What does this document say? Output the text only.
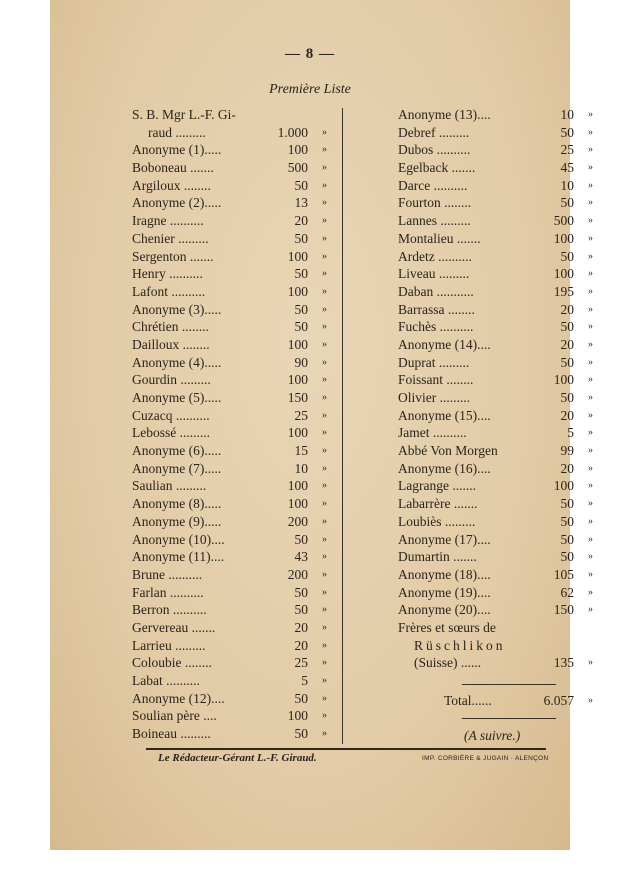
— 8 —
Première Liste
S. B. Mgr L.-F. Gi-
raud .........	1.000 »
Anonyme (1).....	100 »
Boboneau .......	500 »
Argiloux ........	50 »
Anonyme (2).....	13 »
Iragne ..........	20 »
Chenier .........	50 »
Sergenton .......	100 »
Henry ..........	50 »
Lafont ..........	100 »
Anonyme (3).....	50 »
Chrétien ........	50 »
Dailloux ........	100 »
Anonyme (4).....	90 »
Gourdin .........	100 »
Anonyme (5).....	150 »
Cuzacq ..........	25 »
Lebossé .........	100 »
Anonyme (6).....	15 »
Anonyme (7).....	10 »
Saulian .........	100 »
Anonyme (8).....	100 »
Anonyme (9).....	200 »
Anonyme (10)....	50 »
Anonyme (11)....	43 »
Brune ..........	200 »
Farlan ..........	50 »
Berron ..........	50 »
Gervereau .......	20 »
Larrieu .........	20 »
Coloubie ........	25 »
Labat ..........	5 »
Anonyme (12)....	50 »
Soulian père ....	100 »
Boineau .........	50 »
Anonyme (13)....	10 »
Debref .........	50 »
Dubos ..........	25 »
Egelback .......	45 »
Darce ..........	10 »
Fourton ........	50 »
Lannes .........	500 »
Montalieu .......	100 »
Ardetz ..........	50 »
Liveau .........	100 »
Daban ...........	195 »
Barrassa ........	20 »
Fuchès ..........	50 »
Anonyme (14)....	20 »
Duprat .........	50 »
Foissant ........	100 »
Olivier .........	50 »
Anonyme (15)....	20 »
Jamet ..........	5 »
Abbé Von Morgen	99 »
Anonyme (16)....	20 »
Lagrange .......	100 »
Labarrère .......	50 »
Loubiès .........	50 »
Anonyme (17)....	50 »
Dumartin .......	50 »
Anonyme (18)....	105 »
Anonyme (19)....	62 »
Anonyme (20)....	150 »
Frères et sœurs de
Rüschlikon
(Suisse) ......	135 »
Total......	6.057 »
(A suivre.)
Le Rédacteur-Gérant L.-F. Giraud.	IMP. CORBIÈRE & JUGAIN · ALENÇON
